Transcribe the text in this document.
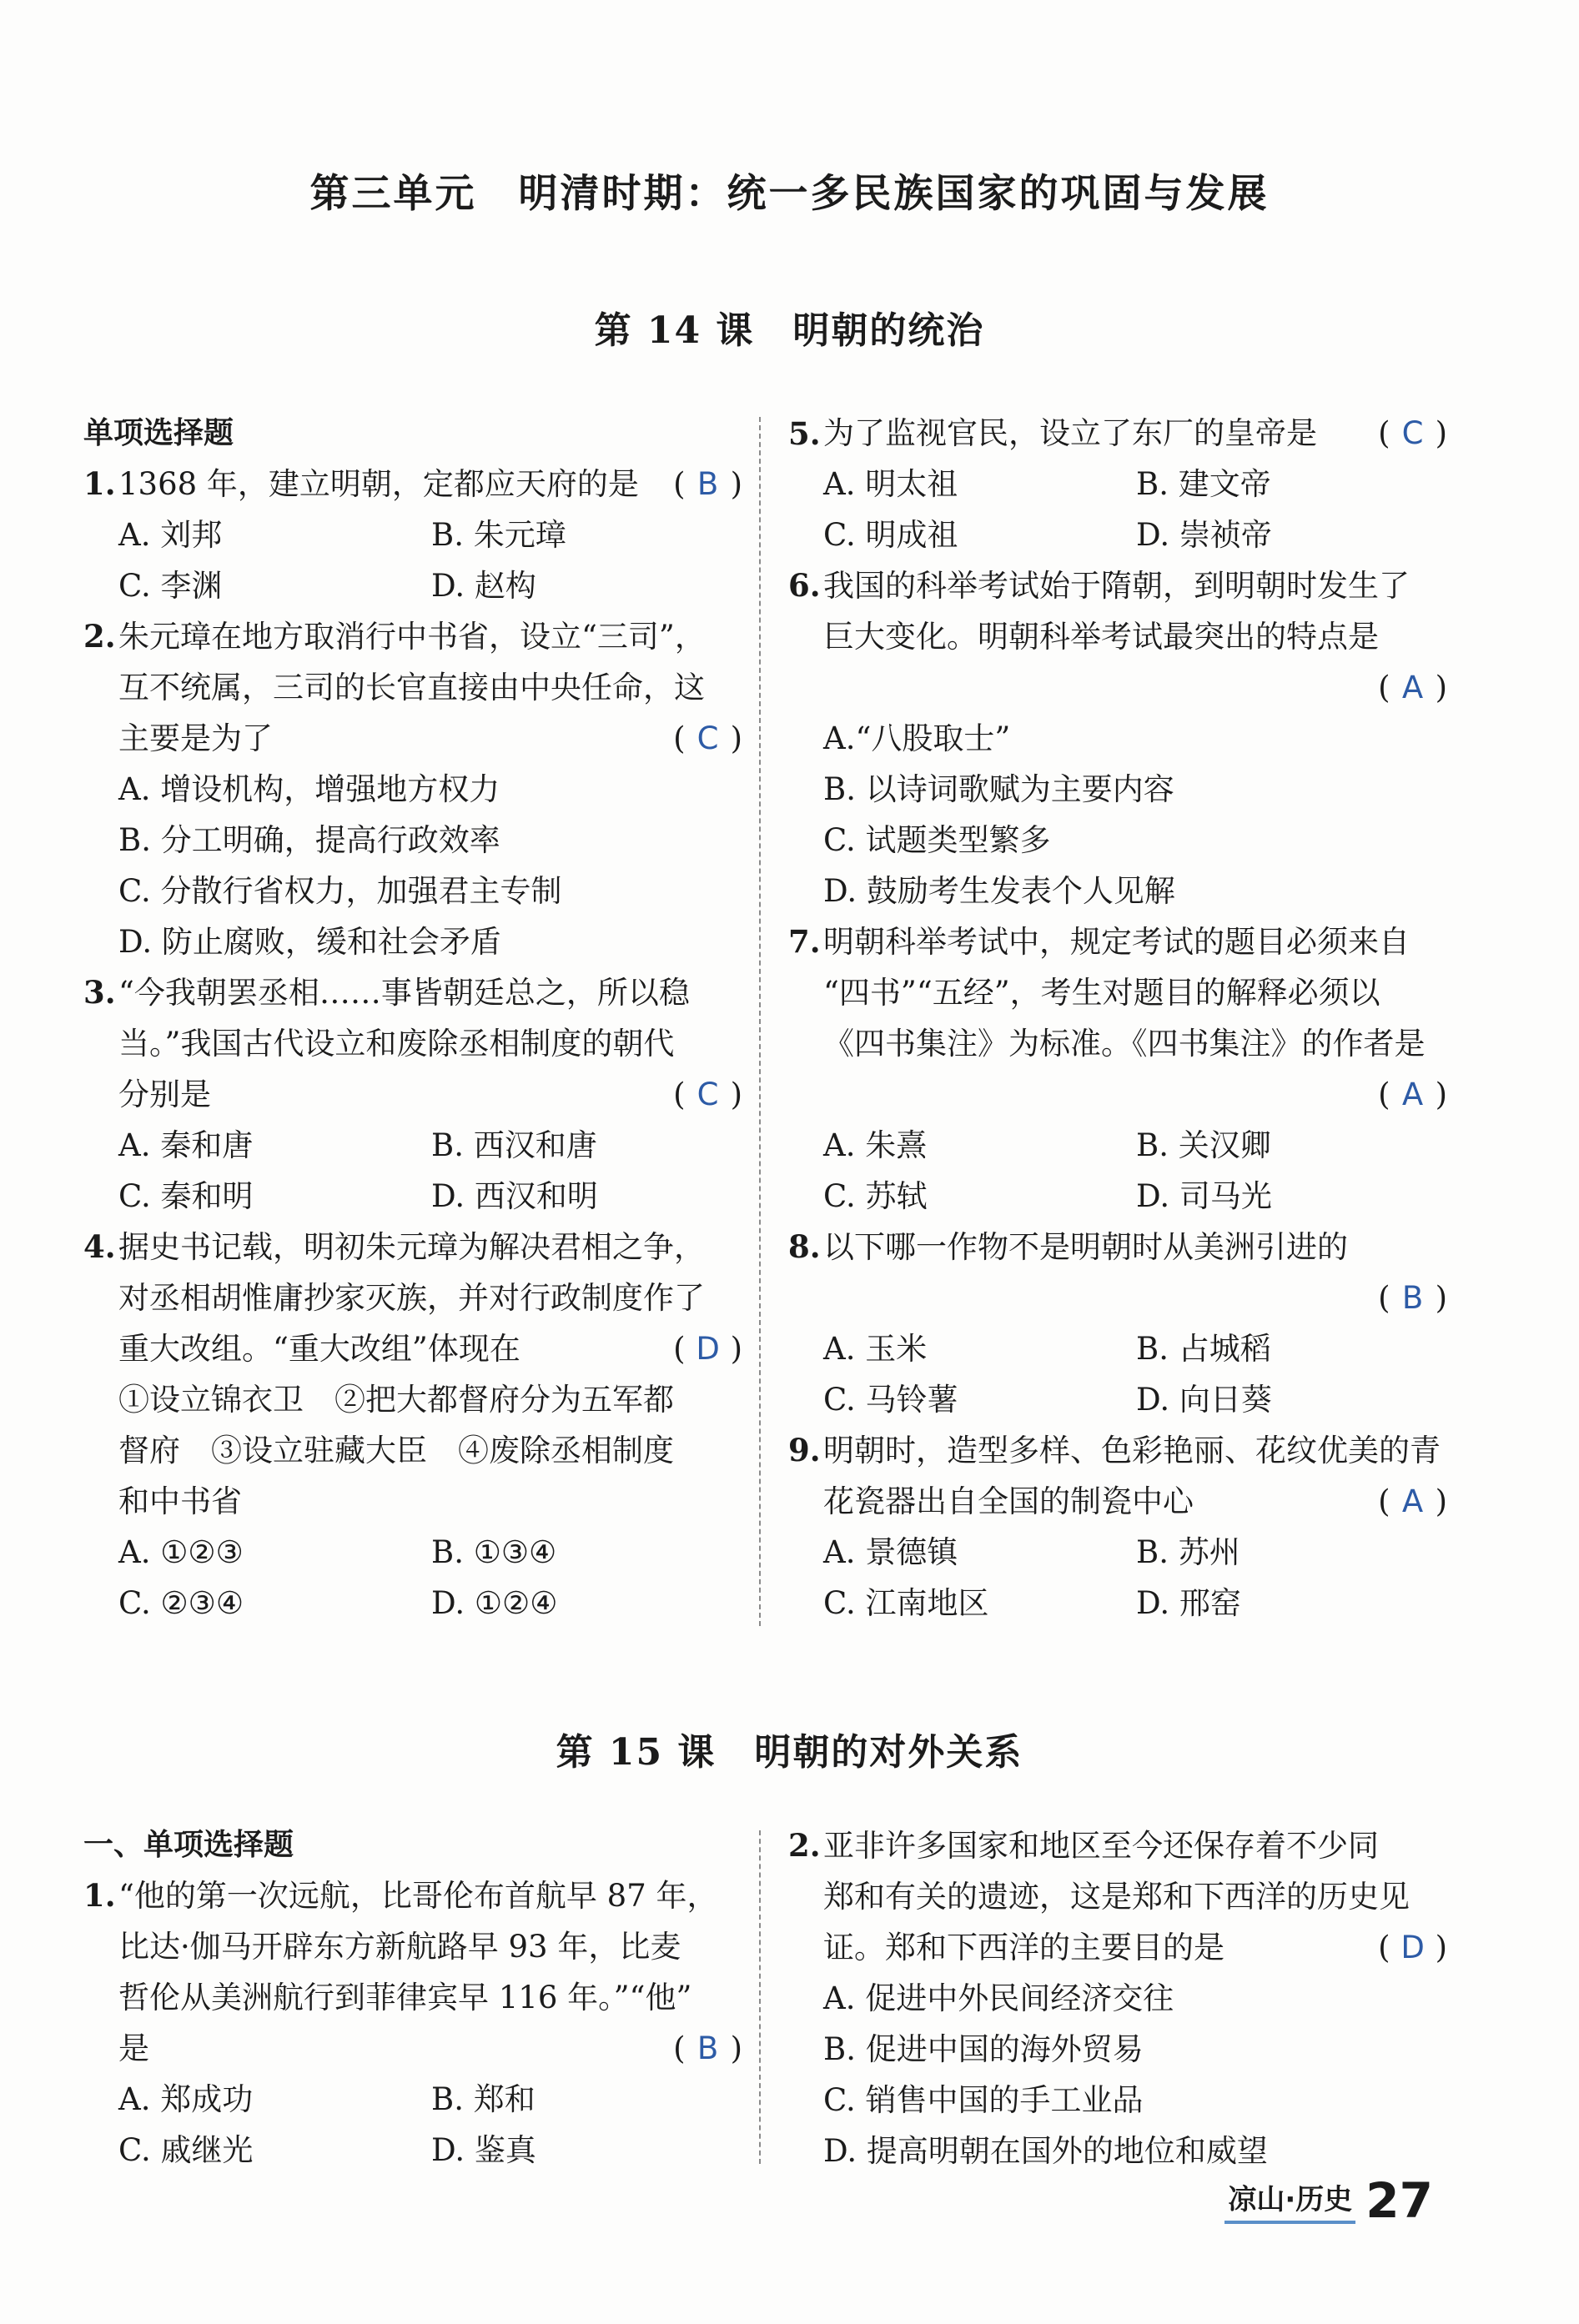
第三单元　明清时期：统一多民族国家的巩固与发展
第 14 课　明朝的统治
单项选择题
1. 1368 年，建立明朝，定都应天府的是	( B )
A. 刘邦	B. 朱元璋
C. 李渊	D. 赵构
2. 朱元璋在地方取消行中书省，设立“三司”，
互不统属，三司的长官直接由中央任命，这
主要是为了	( C )
A. 增设机构，增强地方权力
B. 分工明确，提高行政效率
C. 分散行省权力，加强君主专制
D. 防止腐败，缓和社会矛盾
3. “今我朝罢丞相……事皆朝廷总之，所以稳
当。”我国古代设立和废除丞相制度的朝代
分别是	( C )
A. 秦和唐	B. 西汉和唐
C. 秦和明	D. 西汉和明
4. 据史书记载，明初朱元璋为解决君相之争，
对丞相胡惟庸抄家灭族，并对行政制度作了
重大改组。“重大改组”体现在	( D )
①设立锦衣卫　②把大都督府分为五军都
督府　③设立驻藏大臣　④废除丞相制度
和中书省
A. ①②③	B. ①③④
C. ②③④	D. ①②④
5. 为了监视官民，设立了东厂的皇帝是	( C )
A. 明太祖	B. 建文帝
C. 明成祖	D. 崇祯帝
6. 我国的科举考试始于隋朝，到明朝时发生了
巨大变化。明朝科举考试最突出的特点是
( A )
A.“八股取士”
B. 以诗词歌赋为主要内容
C. 试题类型繁多
D. 鼓励考生发表个人见解
7. 明朝科举考试中，规定考试的题目必须来自
“四书”“五经”，考生对题目的解释必须以
《四书集注》为标准。《四书集注》的作者是
( A )
A. 朱熹	B. 关汉卿
C. 苏轼	D. 司马光
8. 以下哪一作物不是明朝时从美洲引进的
( B )
A. 玉米	B. 占城稻
C. 马铃薯	D. 向日葵
9. 明朝时，造型多样、色彩艳丽、花纹优美的青
花瓷器出自全国的制瓷中心	( A )
A. 景德镇	B. 苏州
C. 江南地区	D. 邢窑
第 15 课　明朝的对外关系
一、单项选择题
1. “他的第一次远航，比哥伦布首航早 87 年，
比达·伽马开辟东方新航路早 93 年，比麦
哲伦从美洲航行到菲律宾早 116 年。”“他”
是	( B )
A. 郑成功	B. 郑和
C. 戚继光	D. 鉴真
2. 亚非许多国家和地区至今还保存着不少同
郑和有关的遗迹，这是郑和下西洋的历史见
证。郑和下西洋的主要目的是	( D )
A. 促进中外民间经济交往
B. 促进中国的海外贸易
C. 销售中国的手工业品
D. 提高明朝在国外的地位和威望
凉山·历史 27
